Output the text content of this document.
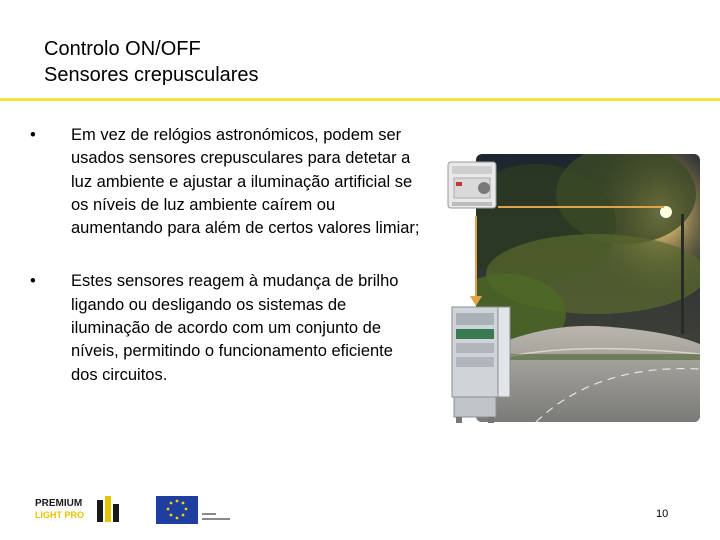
Controlo ON/OFF
Sensores crepusculares
• Em vez de relógios astronómicos, podem ser usados sensores crepusculares para detetar a luz ambiente e ajustar a iluminação artificial se os níveis de luz ambiente caírem ou aumentando para além de certos valores limiar;
• Estes sensores reagem à mudança de brilho ligando ou desligando os sistemas de iluminação de acordo com um conjunto de níveis, permitindo o funcionamento eficiente dos circuitos.
PREMIUM
LIGHT PRO	10
